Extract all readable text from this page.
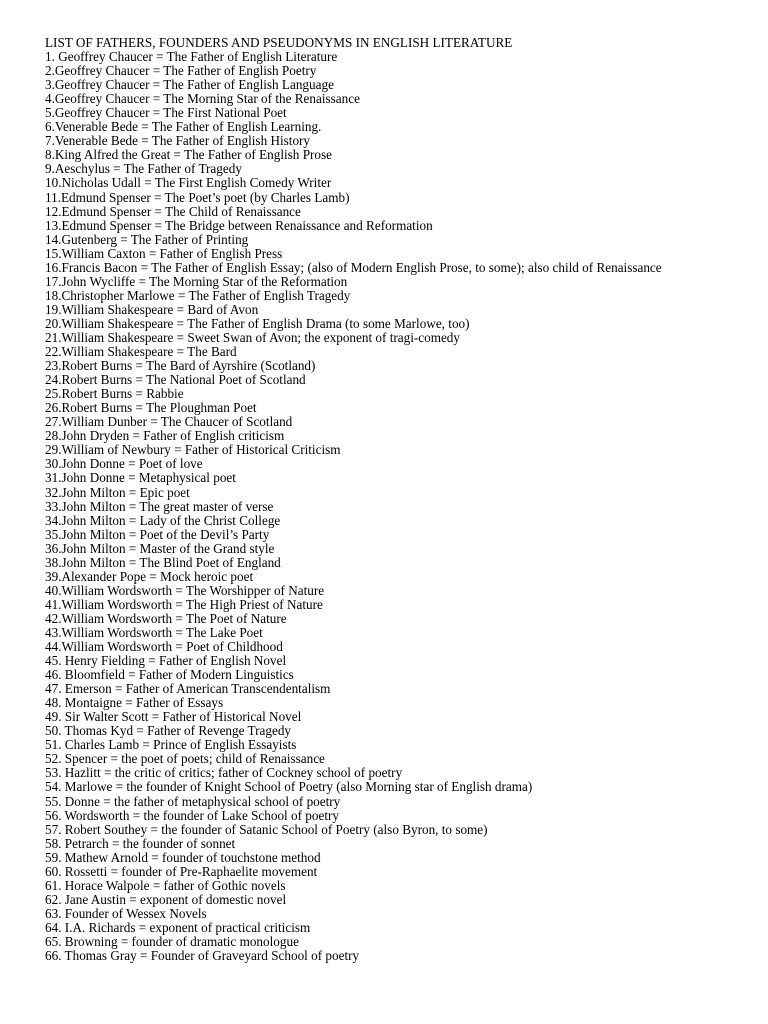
LIST OF FATHERS, FOUNDERS AND PSEUDONYMS IN ENGLISH LITERATURE
1. Geoffrey Chaucer = The Father of English Literature
2.Geoffrey Chaucer = The Father of English Poetry
3.Geoffrey Chaucer = The Father of English Language
4.Geoffrey Chaucer = The Morning Star of the Renaissance
5.Geoffrey Chaucer = The First National Poet
6.Venerable Bede = The Father of English Learning.
7.Venerable Bede = The Father of English History
8.King Alfred the Great = The Father of English Prose
9.Aeschylus = The Father of Tragedy
10.Nicholas Udall = The First English Comedy Writer
11.Edmund Spenser = The Poet’s poet (by Charles Lamb)
12.Edmund Spenser = The Child of Renaissance
13.Edmund Spenser = The Bridge between Renaissance and Reformation
14.Gutenberg = The Father of Printing
15.William Caxton = Father of English Press
16.Francis Bacon = The Father of English Essay; (also of Modern English Prose, to some); also child of Renaissance
17.John Wycliffe = The Morning Star of the Reformation
18.Christopher Marlowe = The Father of English Tragedy
19.William Shakespeare = Bard of Avon
20.William Shakespeare = The Father of English Drama (to some Marlowe, too)
21.William Shakespeare = Sweet Swan of Avon; the exponent of tragi-comedy
22.William Shakespeare = The Bard
23.Robert Burns = The Bard of Ayrshire (Scotland)
24.Robert Burns = The National Poet of Scotland
25.Robert Burns = Rabbie
26.Robert Burns = The Ploughman Poet
27.William Dunber = The Chaucer of Scotland
28.John Dryden = Father of English criticism
29.William of Newbury = Father of Historical Criticism
30.John Donne = Poet of love
31.John Donne = Metaphysical poet
32.John Milton = Epic poet
33.John Milton = The great master of verse
34.John Milton = Lady of the Christ College
35.John Milton = Poet of the Devil’s Party
36.John Milton = Master of the Grand style
38.John Milton = The Blind Poet of England
39.Alexander Pope = Mock heroic poet
40.William Wordsworth = The Worshipper of Nature
41.William Wordsworth = The High Priest of Nature
42.William Wordsworth = The Poet of Nature
43.William Wordsworth = The Lake Poet
44.William Wordsworth = Poet of Childhood
45. Henry Fielding = Father of English Novel
46. Bloomfield = Father of Modern Linguistics
47. Emerson = Father of American Transcendentalism
48. Montaigne = Father of Essays
49. Sir Walter Scott = Father of Historical Novel
50. Thomas Kyd = Father of Revenge Tragedy
51. Charles Lamb = Prince of English Essayists
52. Spencer = the poet of poets; child of Renaissance
53. Hazlitt = the critic of critics; father of Cockney school of poetry
54. Marlowe = the founder of Knight School of Poetry (also Morning star of English drama)
55. Donne = the father of metaphysical school of poetry
56. Wordsworth = the founder of Lake School of poetry
57. Robert Southey = the founder of Satanic School of Poetry (also Byron, to some)
58. Petrarch = the founder of sonnet
59. Mathew Arnold = founder of touchstone method
60. Rossetti = founder of Pre-Raphaelite movement
61. Horace Walpole = father of Gothic novels
62. Jane Austin = exponent of domestic novel
63. Founder of Wessex Novels
64. I.A. Richards = exponent of practical criticism
65. Browning = founder of dramatic monologue
66. Thomas Gray = Founder of Graveyard School of poetry
